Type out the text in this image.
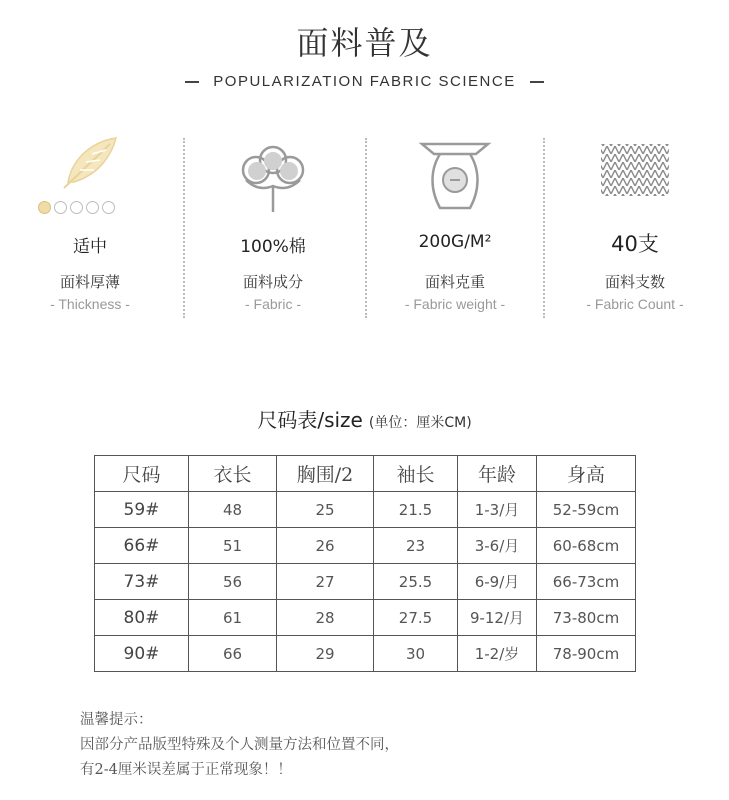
面料普及
POPULARIZATION FABRIC SCIENCE
适中
面料厚薄
- Thickness -
100%棉
面料成分
- Fabric -
200G/M²
面料克重
- Fabric weight -
40支
面料支数
- Fabric Count -
尺码表/size (单位：厘米CM)
尺码	衣长	胸围/2	袖长	年龄	身高
59#	48	25	21.5	1-3/月	52-59cm
66#	51	26	23	3-6/月	60-68cm
73#	56	27	25.5	6-9/月	66-73cm
80#	61	28	27.5	9-12/月	73-80cm
90#	66	29	30	1-2/岁	78-90cm
温馨提示：
因部分产品版型特殊及个人测量方法和位置不同，
有2-4厘米误差属于正常现象！！
